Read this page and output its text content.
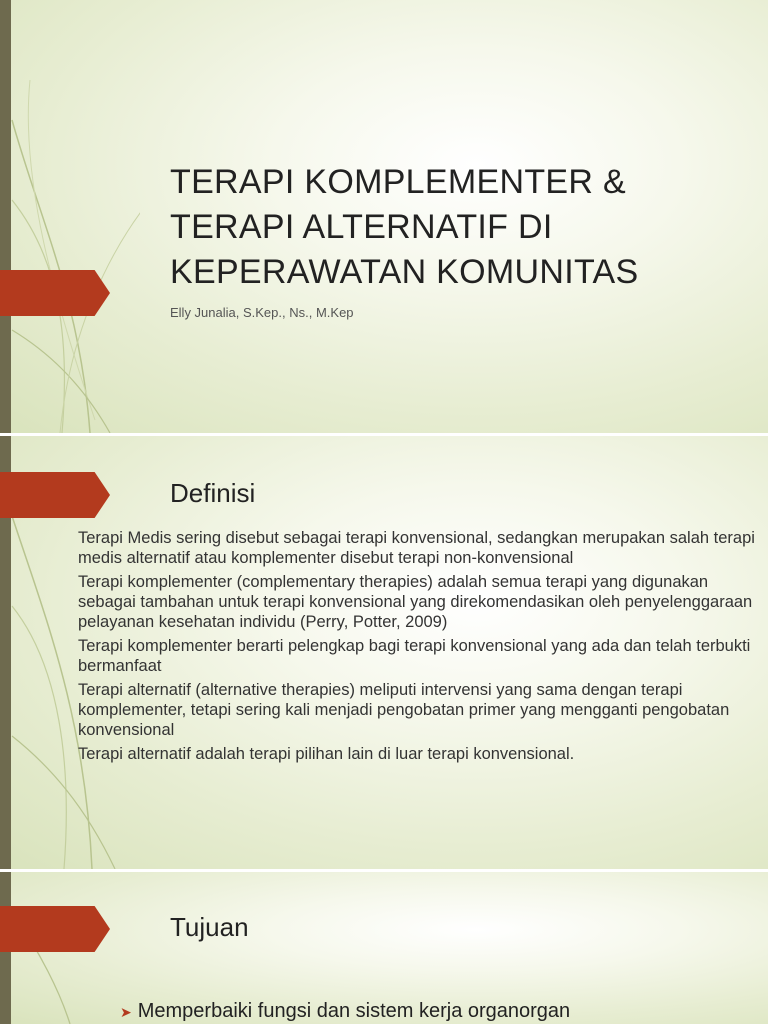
TERAPI KOMPLEMENTER &
TERAPI ALTERNATIF DI
KEPERAWATAN KOMUNITAS
Elly Junalia, S.Kep., Ns., M.Kep
Definisi
Terapi Medis sering disebut sebagai terapi konvensional, sedangkan merupakan salah terapi medis alternatif atau komplementer disebut terapi non-konvensional
Terapi komplementer (complementary therapies) adalah semua terapi yang digunakan sebagai tambahan untuk terapi konvensional yang direkomendasikan oleh penyelenggaraan pelayanan kesehatan individu (Perry, Potter, 2009)
Terapi komplementer berarti pelengkap bagi terapi konvensional yang ada dan telah terbukti bermanfaat
Terapi alternatif (alternative therapies) meliputi intervensi yang sama dengan terapi komplementer, tetapi sering kali menjadi pengobatan primer yang mengganti pengobatan konvensional
Terapi alternatif adalah terapi pilihan lain di luar terapi konvensional.
Tujuan
➤ Memperbaiki fungsi dan sistem kerja organorgan
